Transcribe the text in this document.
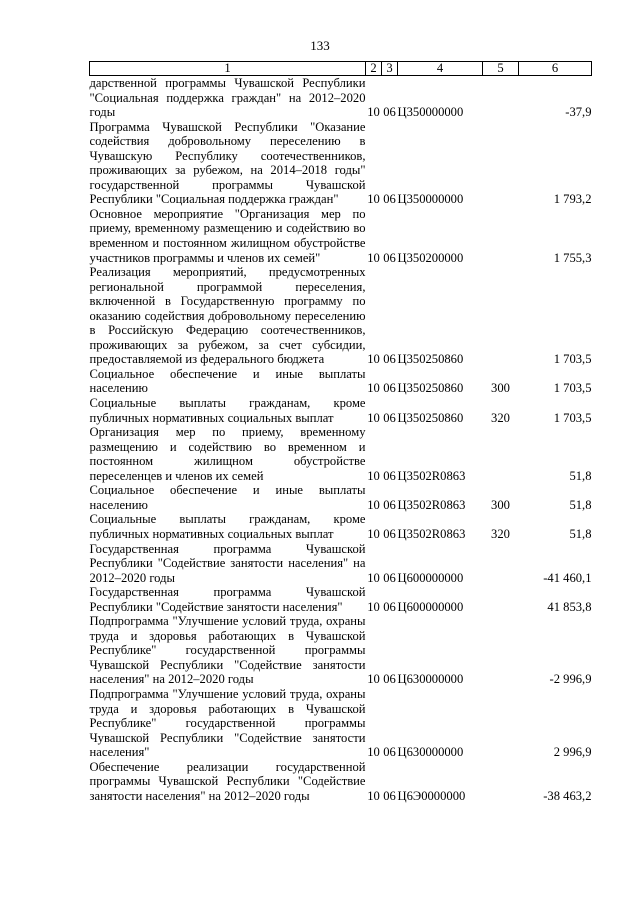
133
1	2	3	4	5	6
дарственной программы Чувашской Республики "Социальная поддержка граждан" на 2012–2020 годы	10	06	Ц350000000		-37,9
Программа Чувашской Республики "Оказание содействия добровольному переселению в Чувашскую Республику соотечественников, проживающих за рубежом, на 2014–2018 годы" государственной программы Чувашской Республики "Социальная поддержка граждан"	10	06	Ц350000000		1 793,2
Основное мероприятие "Организация мер по приему, временному размещению и содействию во временном и постоянном жилищном обустройстве участников программы и членов их семей"	10	06	Ц350200000		1 755,3
Реализация мероприятий, предусмотренных региональной программой переселения, включенной в Государственную программу по оказанию содействия добровольному переселению в Российскую Федерацию соотечественников, проживающих за рубежом, за счет субсидии, предоставляемой из федерального бюджета	10	06	Ц350250860		1 703,5
Социальное обеспечение и иные выплаты населению	10	06	Ц350250860	300	1 703,5
Социальные выплаты гражданам, кроме публичных нормативных социальных выплат	10	06	Ц350250860	320	1 703,5
Организация мер по приему, временному размещению и содействию во временном и постоянном жилищном обустройстве переселенцев и членов их семей	10	06	Ц3502R0863		51,8
Социальное обеспечение и иные выплаты населению	10	06	Ц3502R0863	300	51,8
Социальные выплаты гражданам, кроме публичных нормативных социальных выплат	10	06	Ц3502R0863	320	51,8
Государственная программа Чувашской Республики "Содействие занятости населения" на 2012–2020 годы	10	06	Ц600000000		-41 460,1
Государственная программа Чувашской Республики "Содействие занятости населения"	10	06	Ц600000000		41 853,8
Подпрограмма "Улучшение условий труда, охраны труда и здоровья работающих в Чувашской Республике" государственной программы Чувашской Республики "Содействие занятости населения" на 2012–2020 годы	10	06	Ц630000000		-2 996,9
Подпрограмма "Улучшение условий труда, охраны труда и здоровья работающих в Чувашской Республике" государственной программы Чувашской Республики "Содействие занятости населения"	10	06	Ц630000000		2 996,9
Обеспечение реализации государственной программы Чувашской Республики "Содействие занятости населения" на 2012–2020 годы	10	06	Ц6Э0000000		-38 463,2
